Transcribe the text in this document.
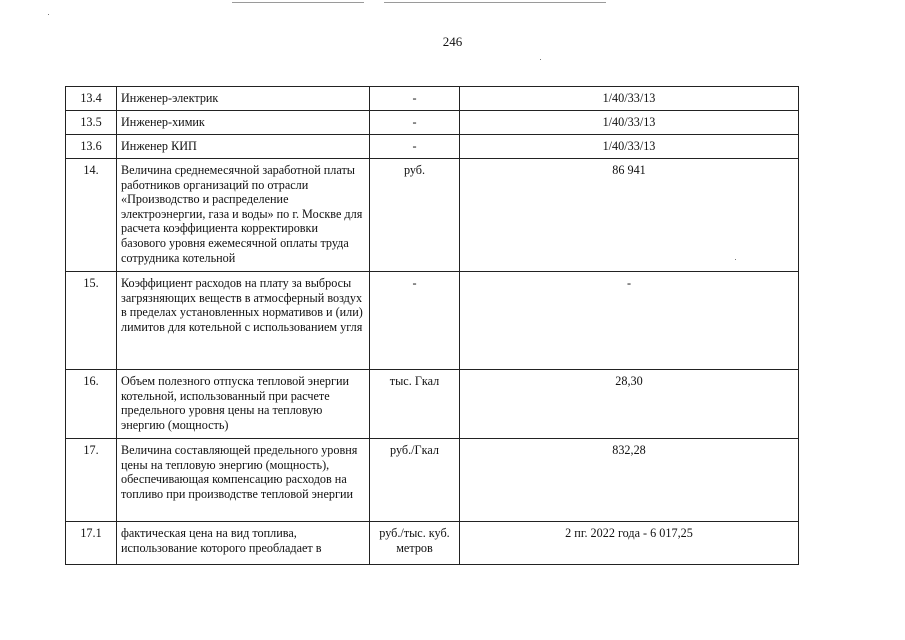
246
13.4	Инженер-электрик	-	1/40/33/13
13.5	Инженер-химик	-	1/40/33/13
13.6	Инженер КИП	-	1/40/33/13
14.	Величина среднемесячной заработной платы работников организаций по отрасли «Производство и распределение электроэнергии, газа и воды» по г. Москве для расчета коэффициента корректировки базового уровня ежемесячной оплаты труда сотрудника котельной	руб.	86 941
15.	Коэффициент расходов на плату за выбросы загрязняющих веществ в атмосферный воздух в пределах установленных нормативов и (или) лимитов для котельной с использованием угля	-	-
16.	Объем полезного отпуска тепловой энергии котельной, использованный при расчете предельного уровня цены на тепловую энергию (мощность)	тыс. Гкал	28,30
17.	Величина составляющей предельного уровня цены на тепловую энергию (мощность), обеспечивающая компенсацию расходов на топливо при производстве тепловой энергии	руб./Гкал	832,28
17.1	фактическая цена на вид топлива, использование которого преобладает в	руб./тыс. куб. метров	2 пг. 2022 года - 6 017,25
